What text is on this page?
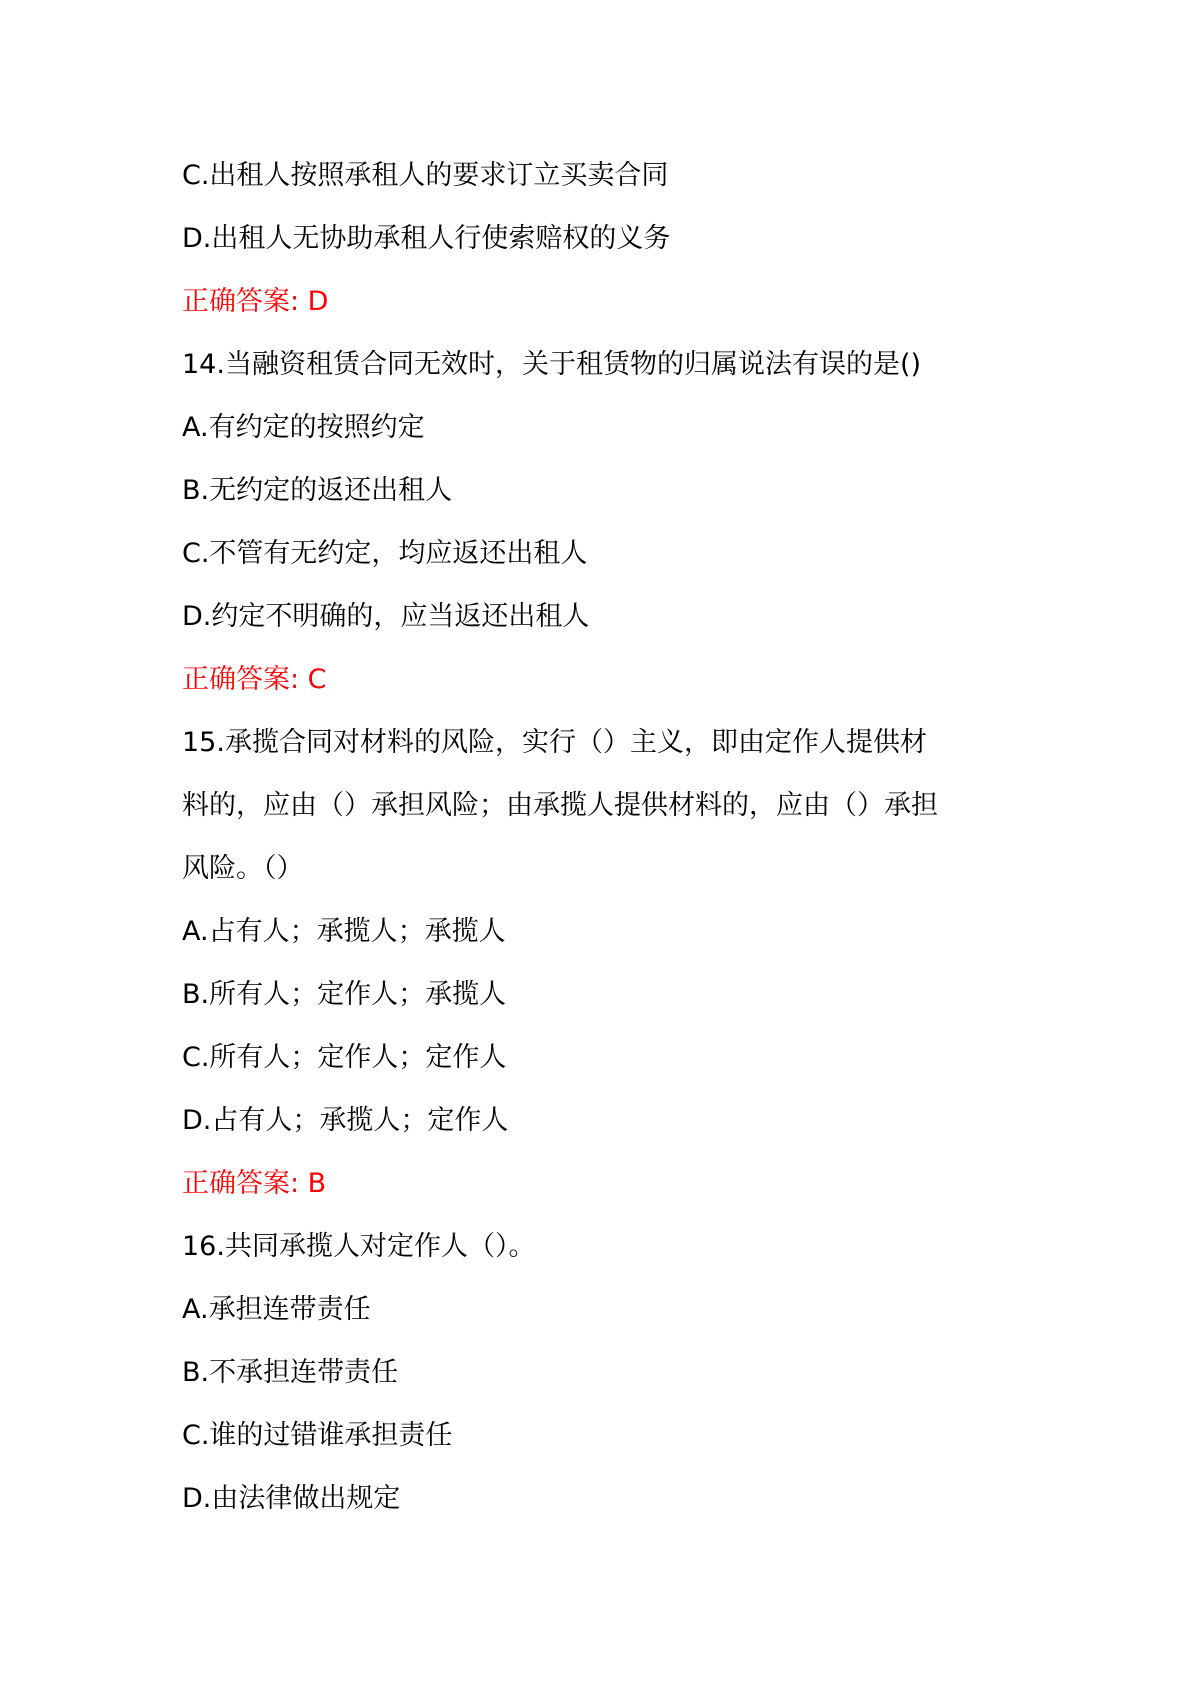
C.出租人按照承租人的要求订立买卖合同
D.出租人无协助承租人行使索赔权的义务
正确答案: D
14.当融资租赁合同无效时，关于租赁物的归属说法有误的是()
A.有约定的按照约定
B.无约定的返还出租人
C.不管有无约定，均应返还出租人
D.约定不明确的，应当返还出租人
正确答案: C
15.承揽合同对材料的风险，实行（）主义，即由定作人提供材
料的，应由（）承担风险；由承揽人提供材料的，应由（）承担
风险。（）
A.占有人；承揽人；承揽人
B.所有人；定作人；承揽人
C.所有人；定作人；定作人
D.占有人；承揽人；定作人
正确答案: B
16.共同承揽人对定作人（）。
A.承担连带责任
B.不承担连带责任
C.谁的过错谁承担责任
D.由法律做出规定
